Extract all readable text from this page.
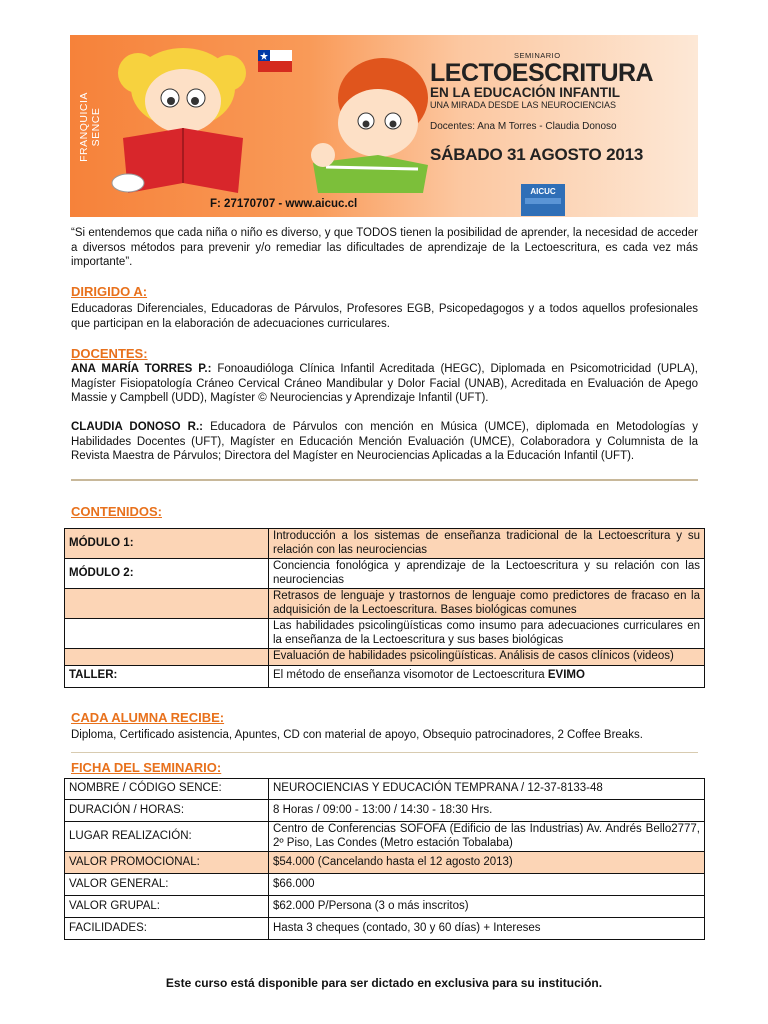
FRANQUICIA SENCE
SEMINARIO
LECTOESCRITURA
EN LA EDUCACIÓN INFANTIL
UNA MIRADA DESDE LAS NEUROCIENCIAS
Docentes: Ana M Torres - Claudia Donoso
SÁBADO 31 AGOSTO 2013
AICUC
F: 27170707 - www.aicuc.cl
“Si entendemos que cada niña o niño es diverso, y que TODOS tienen la posibilidad de aprender, la necesidad de acceder a diversos métodos para prevenir y/o remediar las dificultades de aprendizaje de la Lectoescritura, es cada vez más importante”.
DIRIGIDO A:
Educadoras Diferenciales, Educadoras de Párvulos, Profesores EGB, Psicopedagogos y a todos aquellos profesionales que participan en la elaboración de adecuaciones curriculares.
DOCENTES:
ANA MARÍA TORRES P.: Fonoaudióloga Clínica Infantil Acreditada (HEGC), Diplomada en Psicomotricidad (UPLA), Magíster Fisiopatología Cráneo Cervical Cráneo Mandibular y Dolor Facial (UNAB), Acreditada en Evaluación de Apego Massie y Campbell (UDD), Magíster © Neurociencias y Aprendizaje Infantil (UFT).
CLAUDIA DONOSO R.: Educadora de Párvulos con mención en Música (UMCE), diplomada en Metodologías y Habilidades Docentes (UFT), Magíster en Educación Mención Evaluación (UMCE), Colaboradora y Columnista de la Revista Maestra de Párvulos; Directora del Magíster en Neurociencias Aplicadas a la Educación Infantil (UFT).
CONTENIDOS:
MÓDULO 1:	Introducción a los sistemas de enseñanza tradicional de la Lectoescritura y su relación con las neurociencias
MÓDULO 2:	Conciencia fonológica y aprendizaje de la Lectoescritura y su relación con las neurociencias
	Retrasos de lenguaje y trastornos de lenguaje como predictores de fracaso en la adquisición de la Lectoescritura. Bases biológicas comunes
	Las habilidades psicolingüísticas como insumo para adecuaciones curriculares en la enseñanza de la Lectoescritura y sus bases biológicas
	Evaluación de habilidades psicolingüísticas. Análisis de casos clínicos (videos)
TALLER:	El método de enseñanza visomotor de Lectoescritura EVIMO
CADA ALUMNA RECIBE:
Diploma, Certificado asistencia, Apuntes, CD con material de apoyo, Obsequio patrocinadores, 2 Coffee Breaks.
FICHA DEL SEMINARIO:
NOMBRE / CÓDIGO SENCE:	NEUROCIENCIAS Y EDUCACIÓN TEMPRANA / 12-37-8133-48
DURACIÓN / HORAS:	8 Horas / 09:00 - 13:00 / 14:30 - 18:30 Hrs.
LUGAR REALIZACIÓN:	Centro de Conferencias SOFOFA (Edificio de las Industrias) Av. Andrés Bello2777, 2º Piso, Las Condes (Metro estación Tobalaba)
VALOR PROMOCIONAL:	$54.000 (Cancelando hasta el 12 agosto 2013)
VALOR GENERAL:	$66.000
VALOR GRUPAL:	$62.000 P/Persona (3 o más inscritos)
FACILIDADES:	Hasta 3 cheques (contado, 30 y 60 días) + Intereses
Este curso está disponible para ser dictado en exclusiva para su institución.
